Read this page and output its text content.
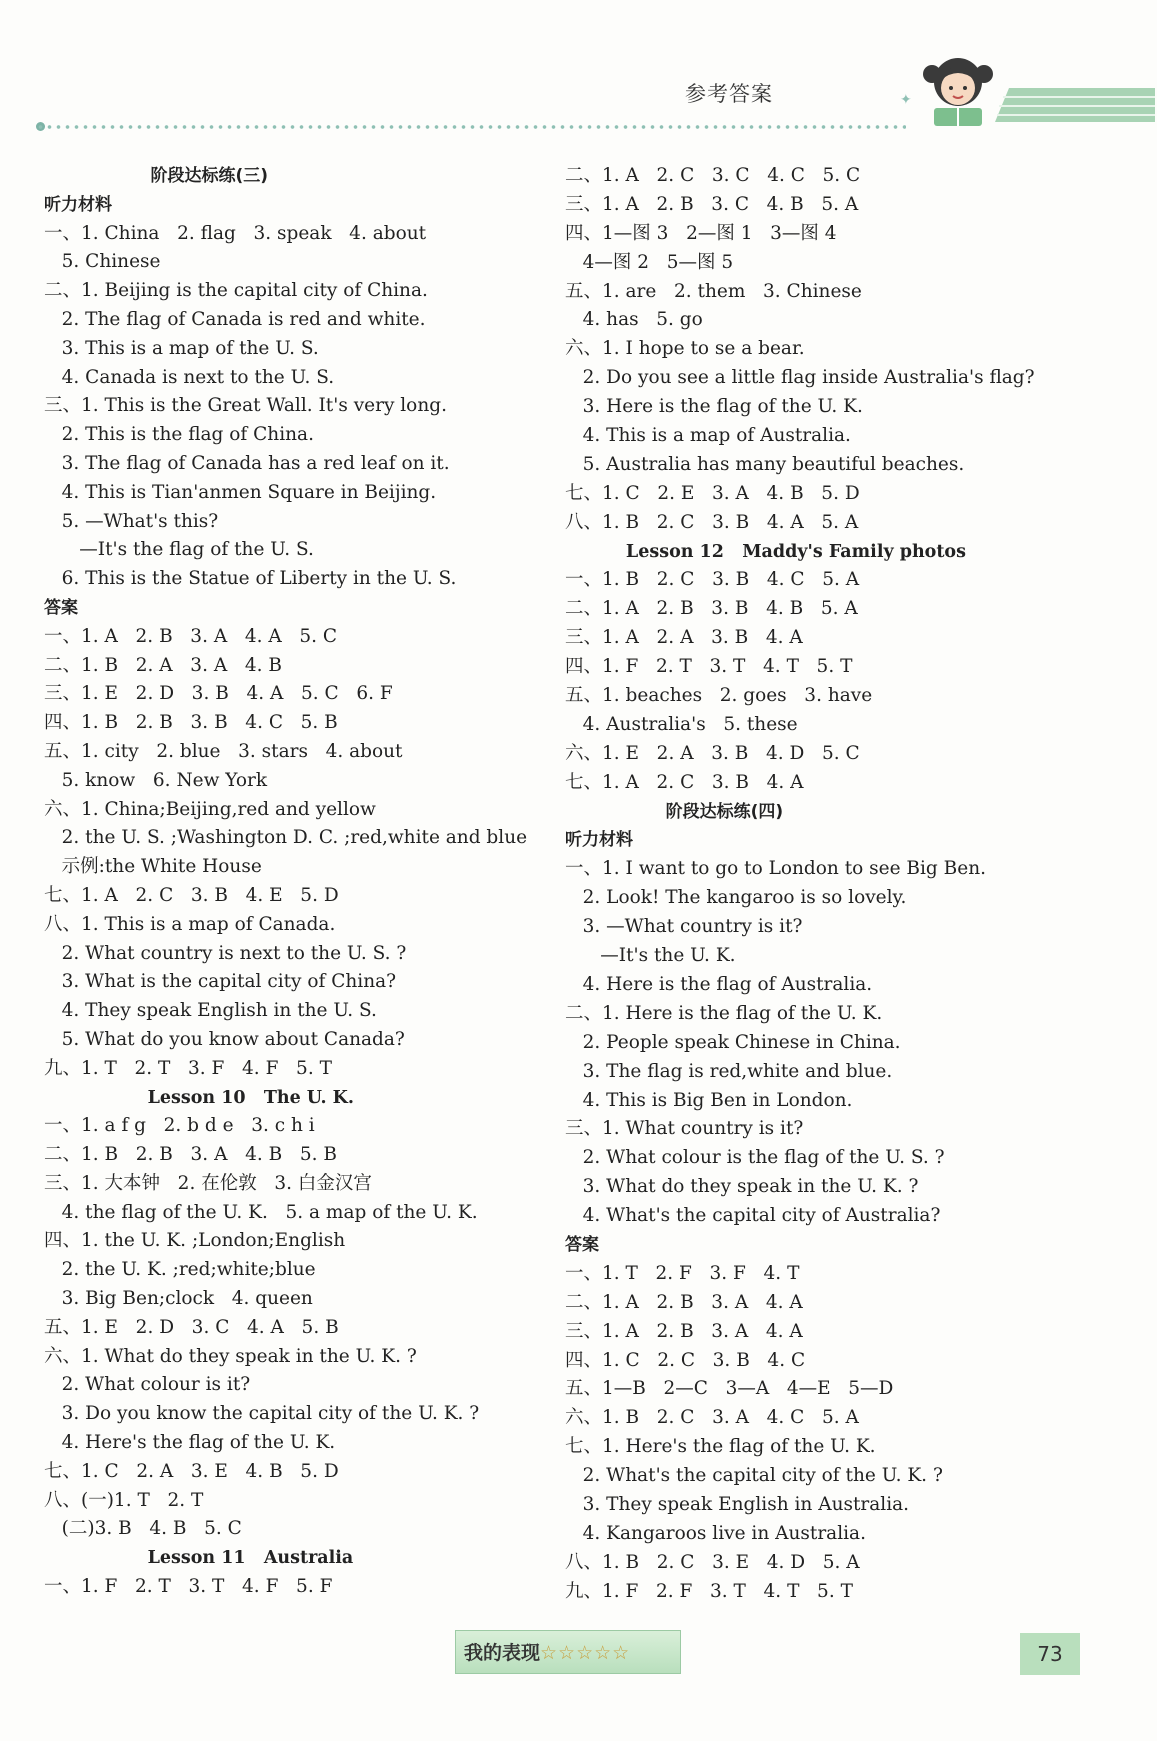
参考答案	✦
阶段达标练(三)
听力材料
一、1. China   2. flag   3. speak   4. about
5. Chinese
二、1. Beijing is the capital city of China.
2. The flag of Canada is red and white.
3. This is a map of the U. S.
4. Canada is next to the U. S.
三、1. This is the Great Wall. It's very long.
2. This is the flag of China.
3. The flag of Canada has a red leaf on it.
4. This is Tian'anmen Square in Beijing.
5. —What's this?
—It's the flag of the U. S.
6. This is the Statue of Liberty in the U. S.
答案
一、1. A   2. B   3. A   4. A   5. C
二、1. B   2. A   3. A   4. B
三、1. E   2. D   3. B   4. A   5. C   6. F
四、1. B   2. B   3. B   4. C   5. B
五、1. city   2. blue   3. stars   4. about
5. know   6. New York
六、1. China;Beijing,red and yellow
2. the U. S. ;Washington D. C. ;red,white and blue
示例:the White House
七、1. A   2. C   3. B   4. E   5. D
八、1. This is a map of Canada.
2. What country is next to the U. S. ?
3. What is the capital city of China?
4. They speak English in the U. S.
5. What do you know about Canada?
九、1. T   2. T   3. F   4. F   5. T
Lesson 10   The U. K.
一、1. a f g   2. b d e   3. c h i
二、1. B   2. B   3. A   4. B   5. B
三、1. 大本钟   2. 在伦敦   3. 白金汉宫
4. the flag of the U. K.   5. a map of the U. K.
四、1. the U. K. ;London;English
2. the U. K. ;red;white;blue
3. Big Ben;clock   4. queen
五、1. E   2. D   3. C   4. A   5. B
六、1. What do they speak in the U. K. ?
2. What colour is it?
3. Do you know the capital city of the U. K. ?
4. Here's the flag of the U. K.
七、1. C   2. A   3. E   4. B   5. D
八、(一)1. T   2. T
(二)3. B   4. B   5. C
Lesson 11   Australia
一、1. F   2. T   3. T   4. F   5. F
二、1. A   2. C   3. C   4. C   5. C
三、1. A   2. B   3. C   4. B   5. A
四、1—图 3   2—图 1   3—图 4
4—图 2   5—图 5
五、1. are   2. them   3. Chinese
4. has   5. go
六、1. I hope to se a bear.
2. Do you see a little flag inside Australia's flag?
3. Here is the flag of the U. K.
4. This is a map of Australia.
5. Australia has many beautiful beaches.
七、1. C   2. E   3. A   4. B   5. D
八、1. B   2. C   3. B   4. A   5. A
Lesson 12   Maddy's Family photos
一、1. B   2. C   3. B   4. C   5. A
二、1. A   2. B   3. B   4. B   5. A
三、1. A   2. A   3. B   4. A
四、1. F   2. T   3. T   4. T   5. T
五、1. beaches   2. goes   3. have
4. Australia's   5. these
六、1. E   2. A   3. B   4. D   5. C
七、1. A   2. C   3. B   4. A
阶段达标练(四)
听力材料
一、1. I want to go to London to see Big Ben.
2. Look! The kangaroo is so lovely.
3. —What country is it?
—It's the U. K.
4. Here is the flag of Australia.
二、1. Here is the flag of the U. K.
2. People speak Chinese in China.
3. The flag is red,white and blue.
4. This is Big Ben in London.
三、1. What country is it?
2. What colour is the flag of the U. S. ?
3. What do they speak in the U. K. ?
4. What's the capital city of Australia?
答案
一、1. T   2. F   3. F   4. T
二、1. A   2. B   3. A   4. A
三、1. A   2. B   3. A   4. A
四、1. C   2. C   3. B   4. C
五、1—B   2—C   3—A   4—E   5—D
六、1. B   2. C   3. A   4. C   5. A
七、1. Here's the flag of the U. K.
2. What's the capital city of the U. K. ?
3. They speak English in Australia.
4. Kangaroos live in Australia.
八、1. B   2. C   3. E   4. D   5. A
九、1. F   2. F   3. T   4. T   5. T
我的表现☆☆☆☆☆	73
